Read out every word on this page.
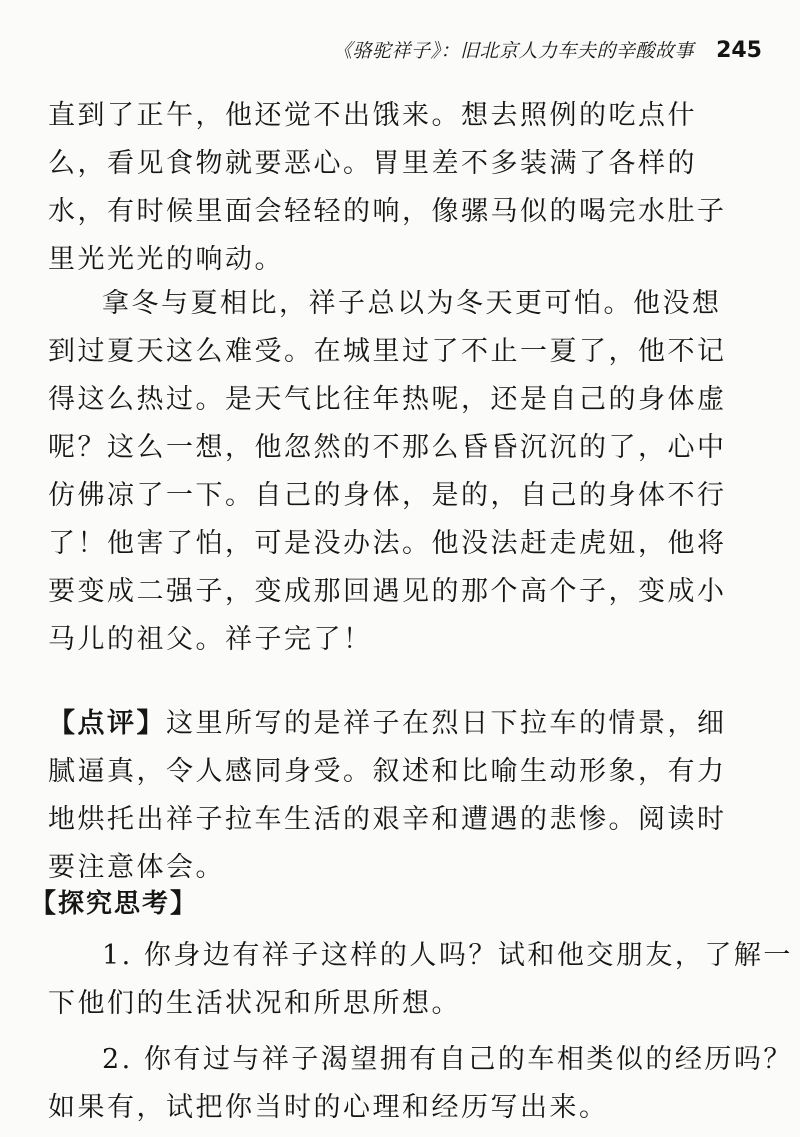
《骆驼祥子》：旧北京人力车夫的辛酸故事 245
直到了正午，他还觉不出饿来。想去照例的吃点什
么，看见食物就要恶心。胃里差不多装满了各样的
水，有时候里面会轻轻的响，像骡马似的喝完水肚子
里光光光的响动。
拿冬与夏相比，祥子总以为冬天更可怕。他没想
到过夏天这么难受。在城里过了不止一夏了，他不记
得这么热过。是天气比往年热呢，还是自己的身体虚
呢？这么一想，他忽然的不那么昏昏沉沉的了，心中
仿佛凉了一下。自己的身体，是的，自己的身体不行
了！他害了怕，可是没办法。他没法赶走虎妞，他将
要变成二强子，变成那回遇见的那个高个子，变成小
马儿的祖父。祥子完了！
【点评】这里所写的是祥子在烈日下拉车的情景，细
腻逼真，令人感同身受。叙述和比喻生动形象，有力
地烘托出祥子拉车生活的艰辛和遭遇的悲惨。阅读时
要注意体会。
【探究思考】
1. 你身边有祥子这样的人吗？试和他交朋友，了解一
下他们的生活状况和所思所想。
2. 你有过与祥子渴望拥有自己的车相类似的经历吗？
如果有，试把你当时的心理和经历写出来。
